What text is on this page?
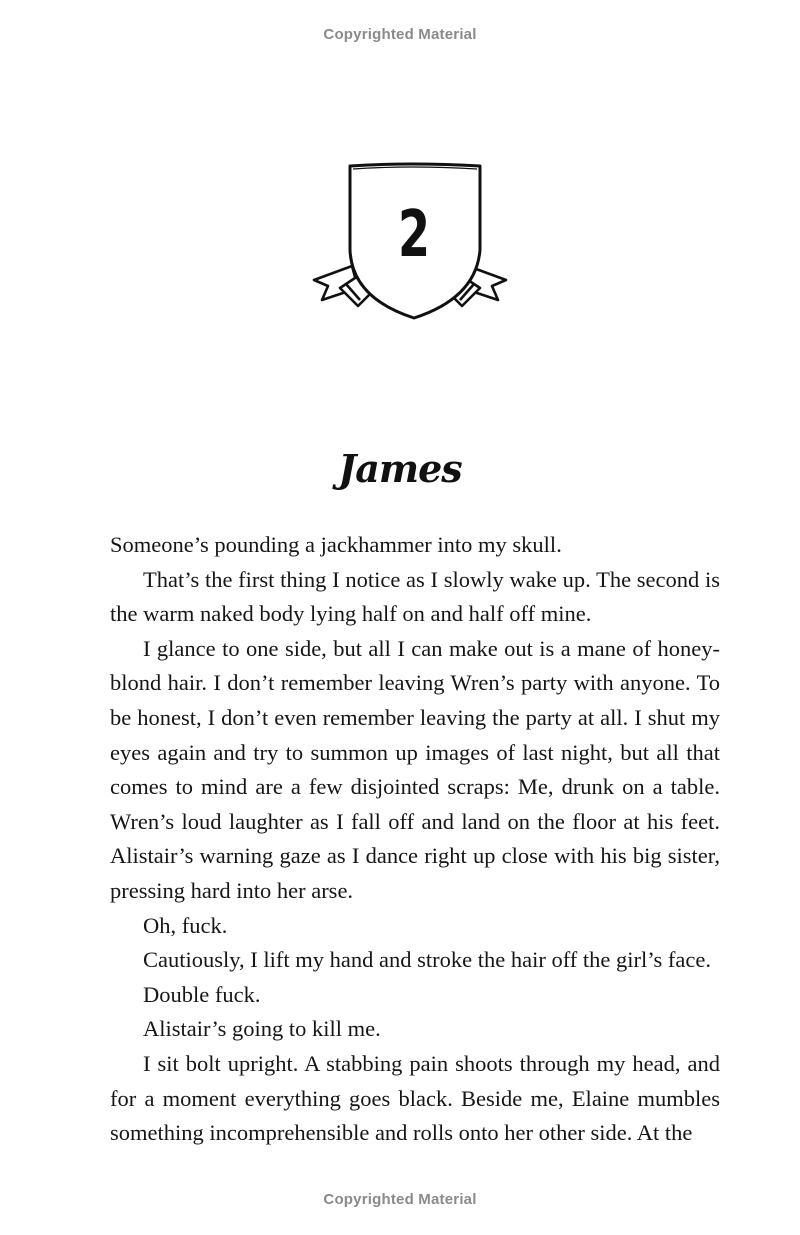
Copyrighted Material
2
James

Someone’s pounding a jackhammer into my skull.

That’s the first thing I notice as I slowly wake up. The second is the warm naked body lying half on and half off mine.

I glance to one side, but all I can make out is a mane of honey-blond hair. I don’t remember leaving Wren’s party with anyone. To be honest, I don’t even remember leaving the party at all. I shut my eyes again and try to summon up images of last night, but all that comes to mind are a few disjointed scraps: Me, drunk on a table. Wren’s loud laughter as I fall off and land on the floor at his feet. Alistair’s warning gaze as I dance right up close with his big sister, pressing hard into her arse.

Oh, fuck.

Cautiously, I lift my hand and stroke the hair off the girl’s face.

Double fuck.

Alistair’s going to kill me.

I sit bolt upright. A stabbing pain shoots through my head, and for a moment everything goes black. Beside me, Elaine mumbles something incomprehensible and rolls onto her other side. At the

Copyrighted Material
